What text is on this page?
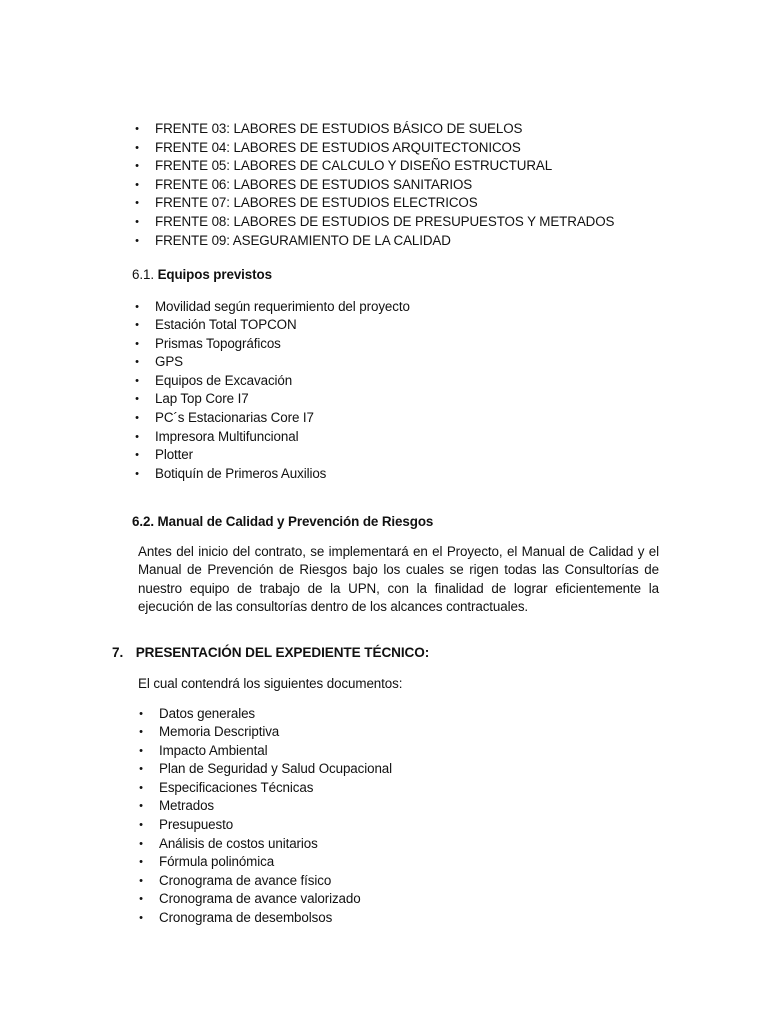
• FRENTE 03: LABORES DE ESTUDIOS BÁSICO DE SUELOS
• FRENTE 04: LABORES DE ESTUDIOS ARQUITECTONICOS
• FRENTE 05: LABORES DE CALCULO Y DISEÑO ESTRUCTURAL
• FRENTE 06: LABORES DE ESTUDIOS SANITARIOS
• FRENTE 07: LABORES DE ESTUDIOS ELECTRICOS
• FRENTE 08: LABORES DE ESTUDIOS DE PRESUPUESTOS Y METRADOS
• FRENTE 09: ASEGURAMIENTO DE LA CALIDAD
6.1. Equipos previstos
• Movilidad según requerimiento del proyecto
• Estación Total TOPCON
• Prismas Topográficos
• GPS
• Equipos de Excavación
• Lap Top Core I7
• PC´s Estacionarias Core I7
• Impresora Multifuncional
• Plotter
• Botiquín de Primeros Auxilios
6.2. Manual de Calidad y Prevención de Riesgos

Antes del inicio del contrato, se implementará en el Proyecto, el Manual de Calidad y el Manual de Prevención de Riesgos bajo los cuales se rigen todas las Consultorías de nuestro equipo de trabajo de la UPN, con la finalidad de lograr eficientemente la ejecución de las consultorías dentro de los alcances contractuales.

7. PRESENTACIÓN DEL EXPEDIENTE TÉCNICO:

El cual contendrá los siguientes documentos:

• Datos generales
• Memoria Descriptiva
• Impacto Ambiental
• Plan de Seguridad y Salud Ocupacional
• Especificaciones Técnicas
• Metrados
• Presupuesto
• Análisis de costos unitarios
• Fórmula polinómica
• Cronograma de avance físico
• Cronograma de avance valorizado
• Cronograma de desembolsos
